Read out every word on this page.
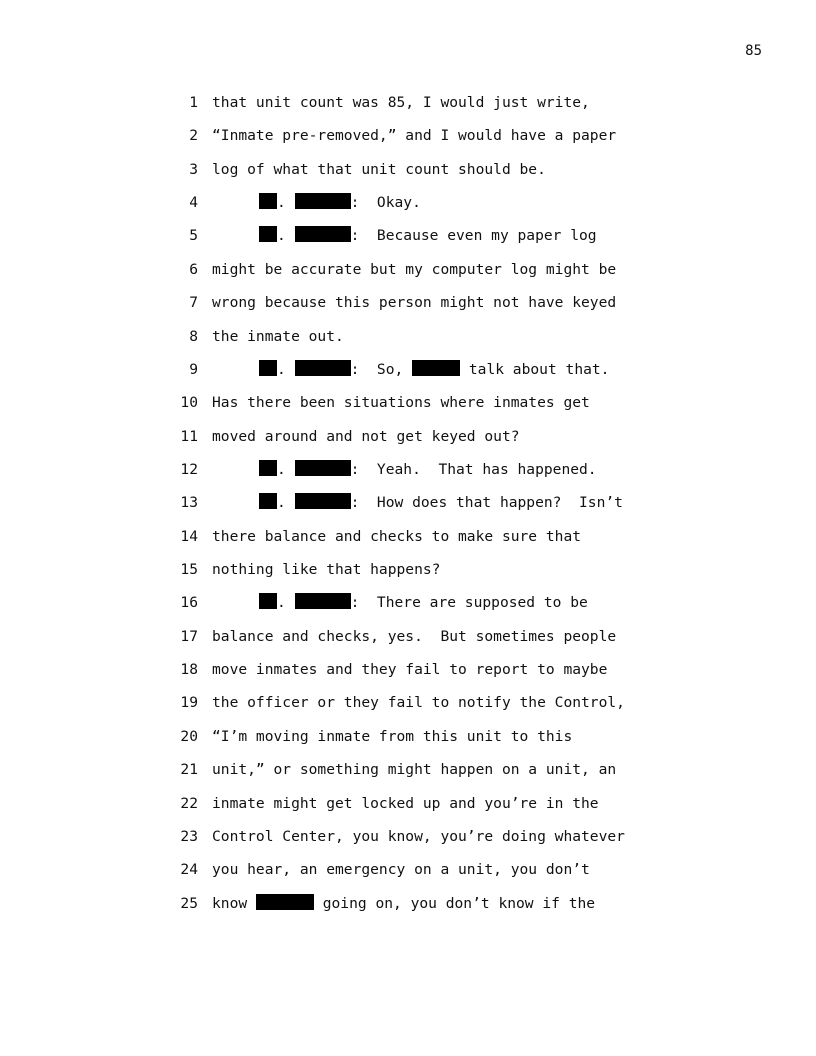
85

1

that unit count was 85, I would just write,

2

“Inmate pre-removed,” and I would have a paper

3

log of what that unit count should be.

4

	.	:  Okay.

5

	.	:  Because even my paper log

6

might be accurate but my computer log might be

7

wrong because this person might not have keyed

8

the inmate out.

9

	.	:  So,	talk about that.

10

Has there been situations where inmates get

11

moved around and not get keyed out?

12

	.	:  Yeah.  That has happened.

13

	.	:  How does that happen?  Isn’t

14

there balance and checks to make sure that

15

nothing like that happens?

16

	.	:  There are supposed to be

17

balance and checks, yes.  But sometimes people

18

move inmates and they fail to report to maybe

19

the officer or they fail to notify the Control,

20

“I’m moving inmate from this unit to this

21

unit,” or something might happen on a unit, an

22

inmate might get locked up and you’re in the

23

Control Center, you know, you’re doing whatever

24

you hear, an emergency on a unit, you don’t

25

know	going on, you don’t know if the
